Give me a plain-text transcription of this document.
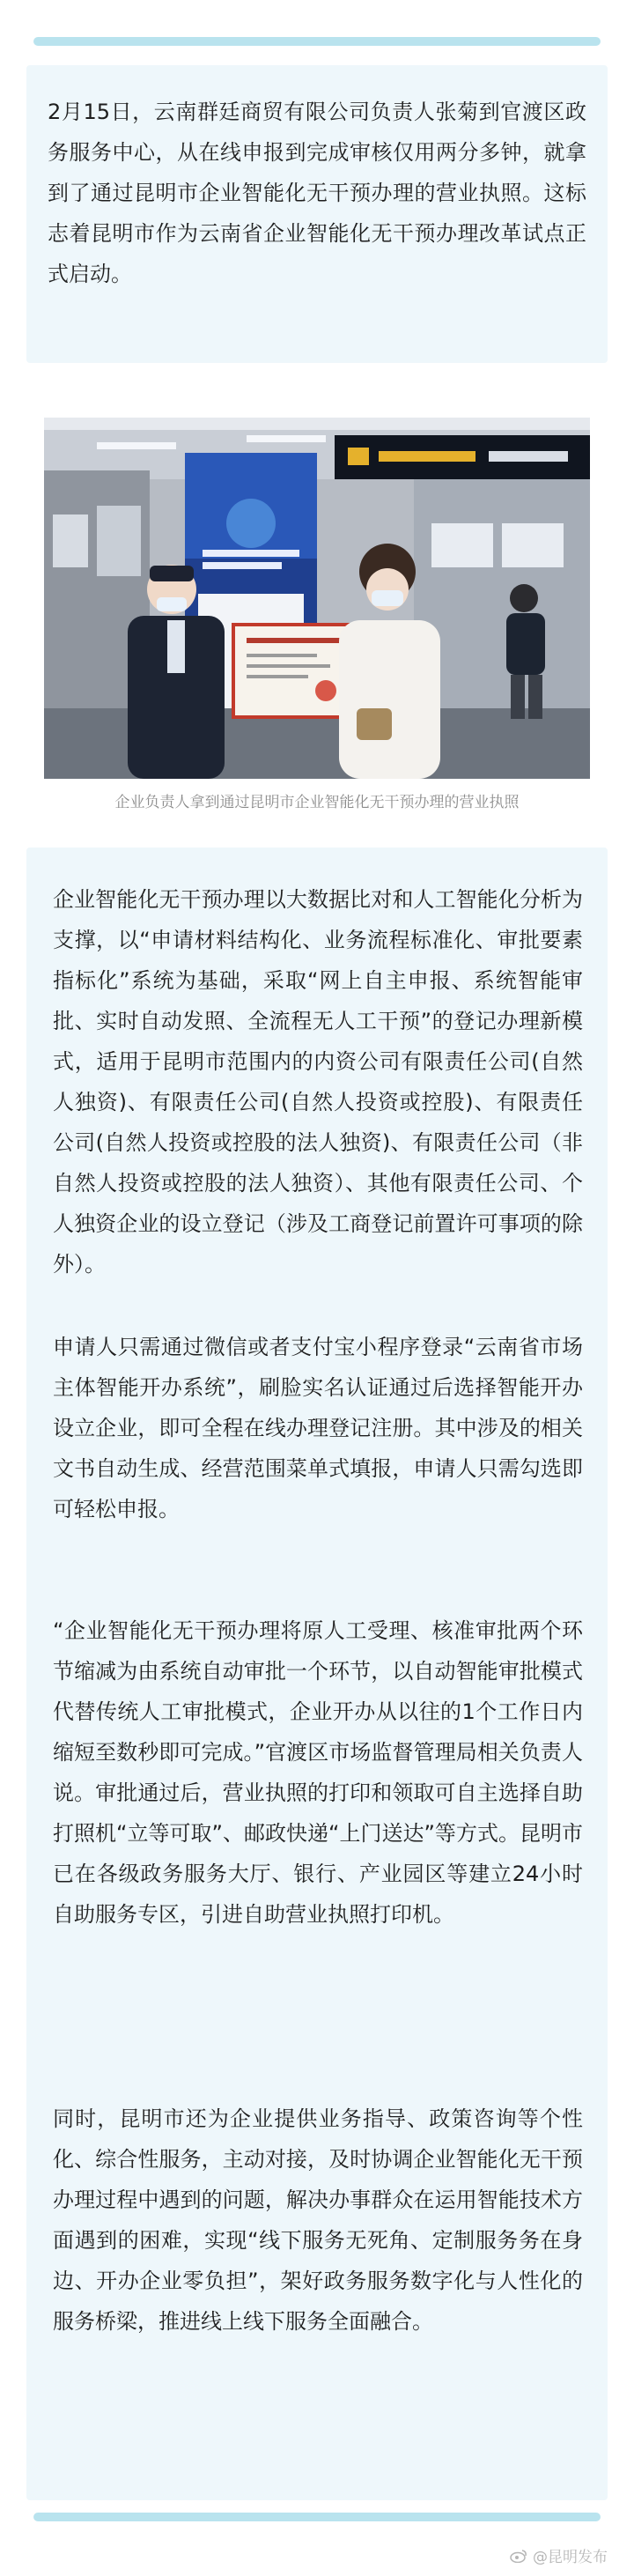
2月15日，云南群廷商贸有限公司负责人张菊到官渡区政务服务中心，从在线申报到完成审核仅用两分多钟，就拿到了通过昆明市企业智能化无干预办理的营业执照。这标志着昆明市作为云南省企业智能化无干预办理改革试点正式启动。

企业负责人拿到通过昆明市企业智能化无干预办理的营业执照

企业智能化无干预办理以大数据比对和人工智能化分析为支撑，以“申请材料结构化、业务流程标准化、审批要素指标化”系统为基础，采取“网上自主申报、系统智能审批、实时自动发照、全流程无人工干预”的登记办理新模式，适用于昆明市范围内的内资公司有限责任公司(自然人独资)、有限责任公司(自然人投资或控股)、有限责任公司(自然人投资或控股的法人独资)、有限责任公司（非自然人投资或控股的法人独资）、其他有限责任公司、个人独资企业的设立登记（涉及工商登记前置许可事项的除外）。

申请人只需通过微信或者支付宝小程序登录“云南省市场主体智能开办系统”，刷脸实名认证通过后选择智能开办设立企业，即可全程在线办理登记注册。其中涉及的相关文书自动生成、经营范围菜单式填报，申请人只需勾选即可轻松申报。

“企业智能化无干预办理将原人工受理、核准审批两个环节缩减为由系统自动审批一个环节，以自动智能审批模式代替传统人工审批模式，企业开办从以往的1个工作日内缩短至数秒即可完成。”官渡区市场监督管理局相关负责人说。审批通过后，营业执照的打印和领取可自主选择自助打照机“立等可取”、邮政快递“上门送达”等方式。昆明市已在各级政务服务大厅、银行、产业园区等建立24小时自助服务专区，引进自助营业执照打印机。

同时，昆明市还为企业提供业务指导、政策咨询等个性化、综合性服务，主动对接，及时协调企业智能化无干预办理过程中遇到的问题，解决办事群众在运用智能技术方面遇到的困难，实现“线下服务无死角、定制服务务在身边、开办企业零负担”，架好政务服务数字化与人性化的服务桥梁，推进线上线下服务全面融合。

@昆明发布
